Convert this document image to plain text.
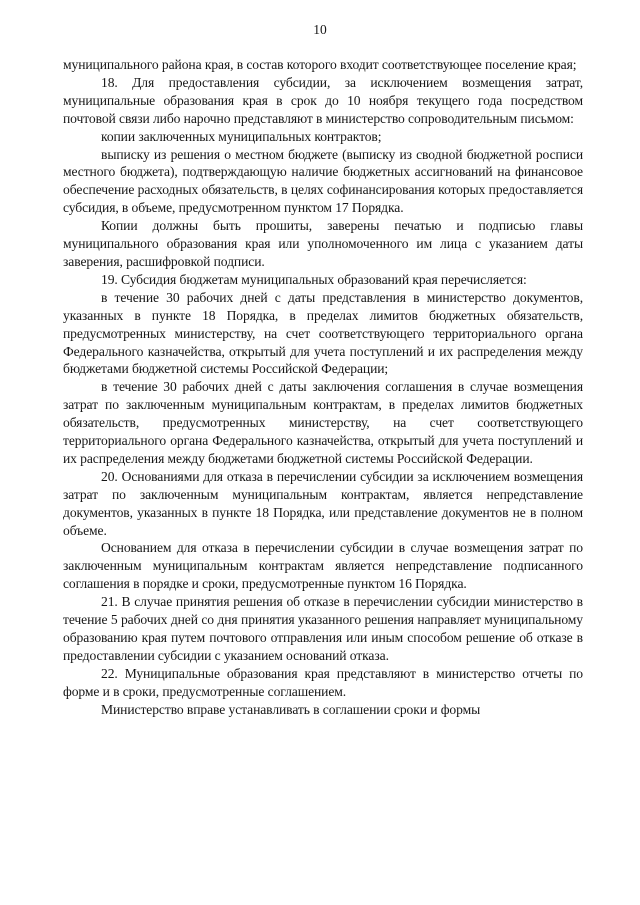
10

муниципального района края, в состав которого входит соответствующее поселение края;

18. Для предоставления субсидии, за исключением возмещения затрат, муниципальные образования края в срок до 10 ноября текущего года посредством почтовой связи либо нарочно представляют в министерство сопроводительным письмом:

копии заключенных муниципальных контрактов;

выписку из решения о местном бюджете (выписку из сводной бюджетной росписи местного бюджета), подтверждающую наличие бюджетных ассигнований на финансовое обеспечение расходных обязательств, в целях софинансирования которых предоставляется субсидия, в объеме, предусмотренном пунктом 17 Порядка.

Копии должны быть прошиты, заверены печатью и подписью главы муниципального образования края или уполномоченного им лица с указанием даты заверения, расшифровкой подписи.

19. Субсидия бюджетам муниципальных образований края перечисляется:

в течение 30 рабочих дней с даты представления в министерство документов, указанных в пункте 18 Порядка, в пределах лимитов бюджетных обязательств, предусмотренных министерству, на счет соответствующего территориального органа Федерального казначейства, открытый для учета поступлений и их распределения между бюджетами бюджетной системы Российской Федерации;

в течение 30 рабочих дней с даты заключения соглашения в случае возмещения затрат по заключенным муниципальным контрактам, в пределах лимитов бюджетных обязательств, предусмотренных министерству, на счет соответствующего территориального органа Федерального казначейства, открытый для учета поступлений и их распределения между бюджетами бюджетной системы Российской Федерации.

20. Основаниями для отказа в перечислении субсидии за исключением возмещения затрат по заключенным муниципальным контрактам, является непредставление документов, указанных в пункте 18 Порядка, или представление документов не в полном объеме.

Основанием для отказа в перечислении субсидии в случае возмещения затрат по заключенным муниципальным контрактам является непредставление подписанного соглашения в порядке и сроки, предусмотренные пунктом 16 Порядка.

21. В случае принятия решения об отказе в перечислении субсидии министерство в течение 5 рабочих дней со дня принятия указанного решения направляет муниципальному образованию края путем почтового отправления или иным способом решение об отказе в предоставлении субсидии с указанием оснований отказа.

22. Муниципальные образования края представляют в министерство отчеты по форме и в сроки, предусмотренные соглашением.

Министерство вправе устанавливать в соглашении сроки и формы
